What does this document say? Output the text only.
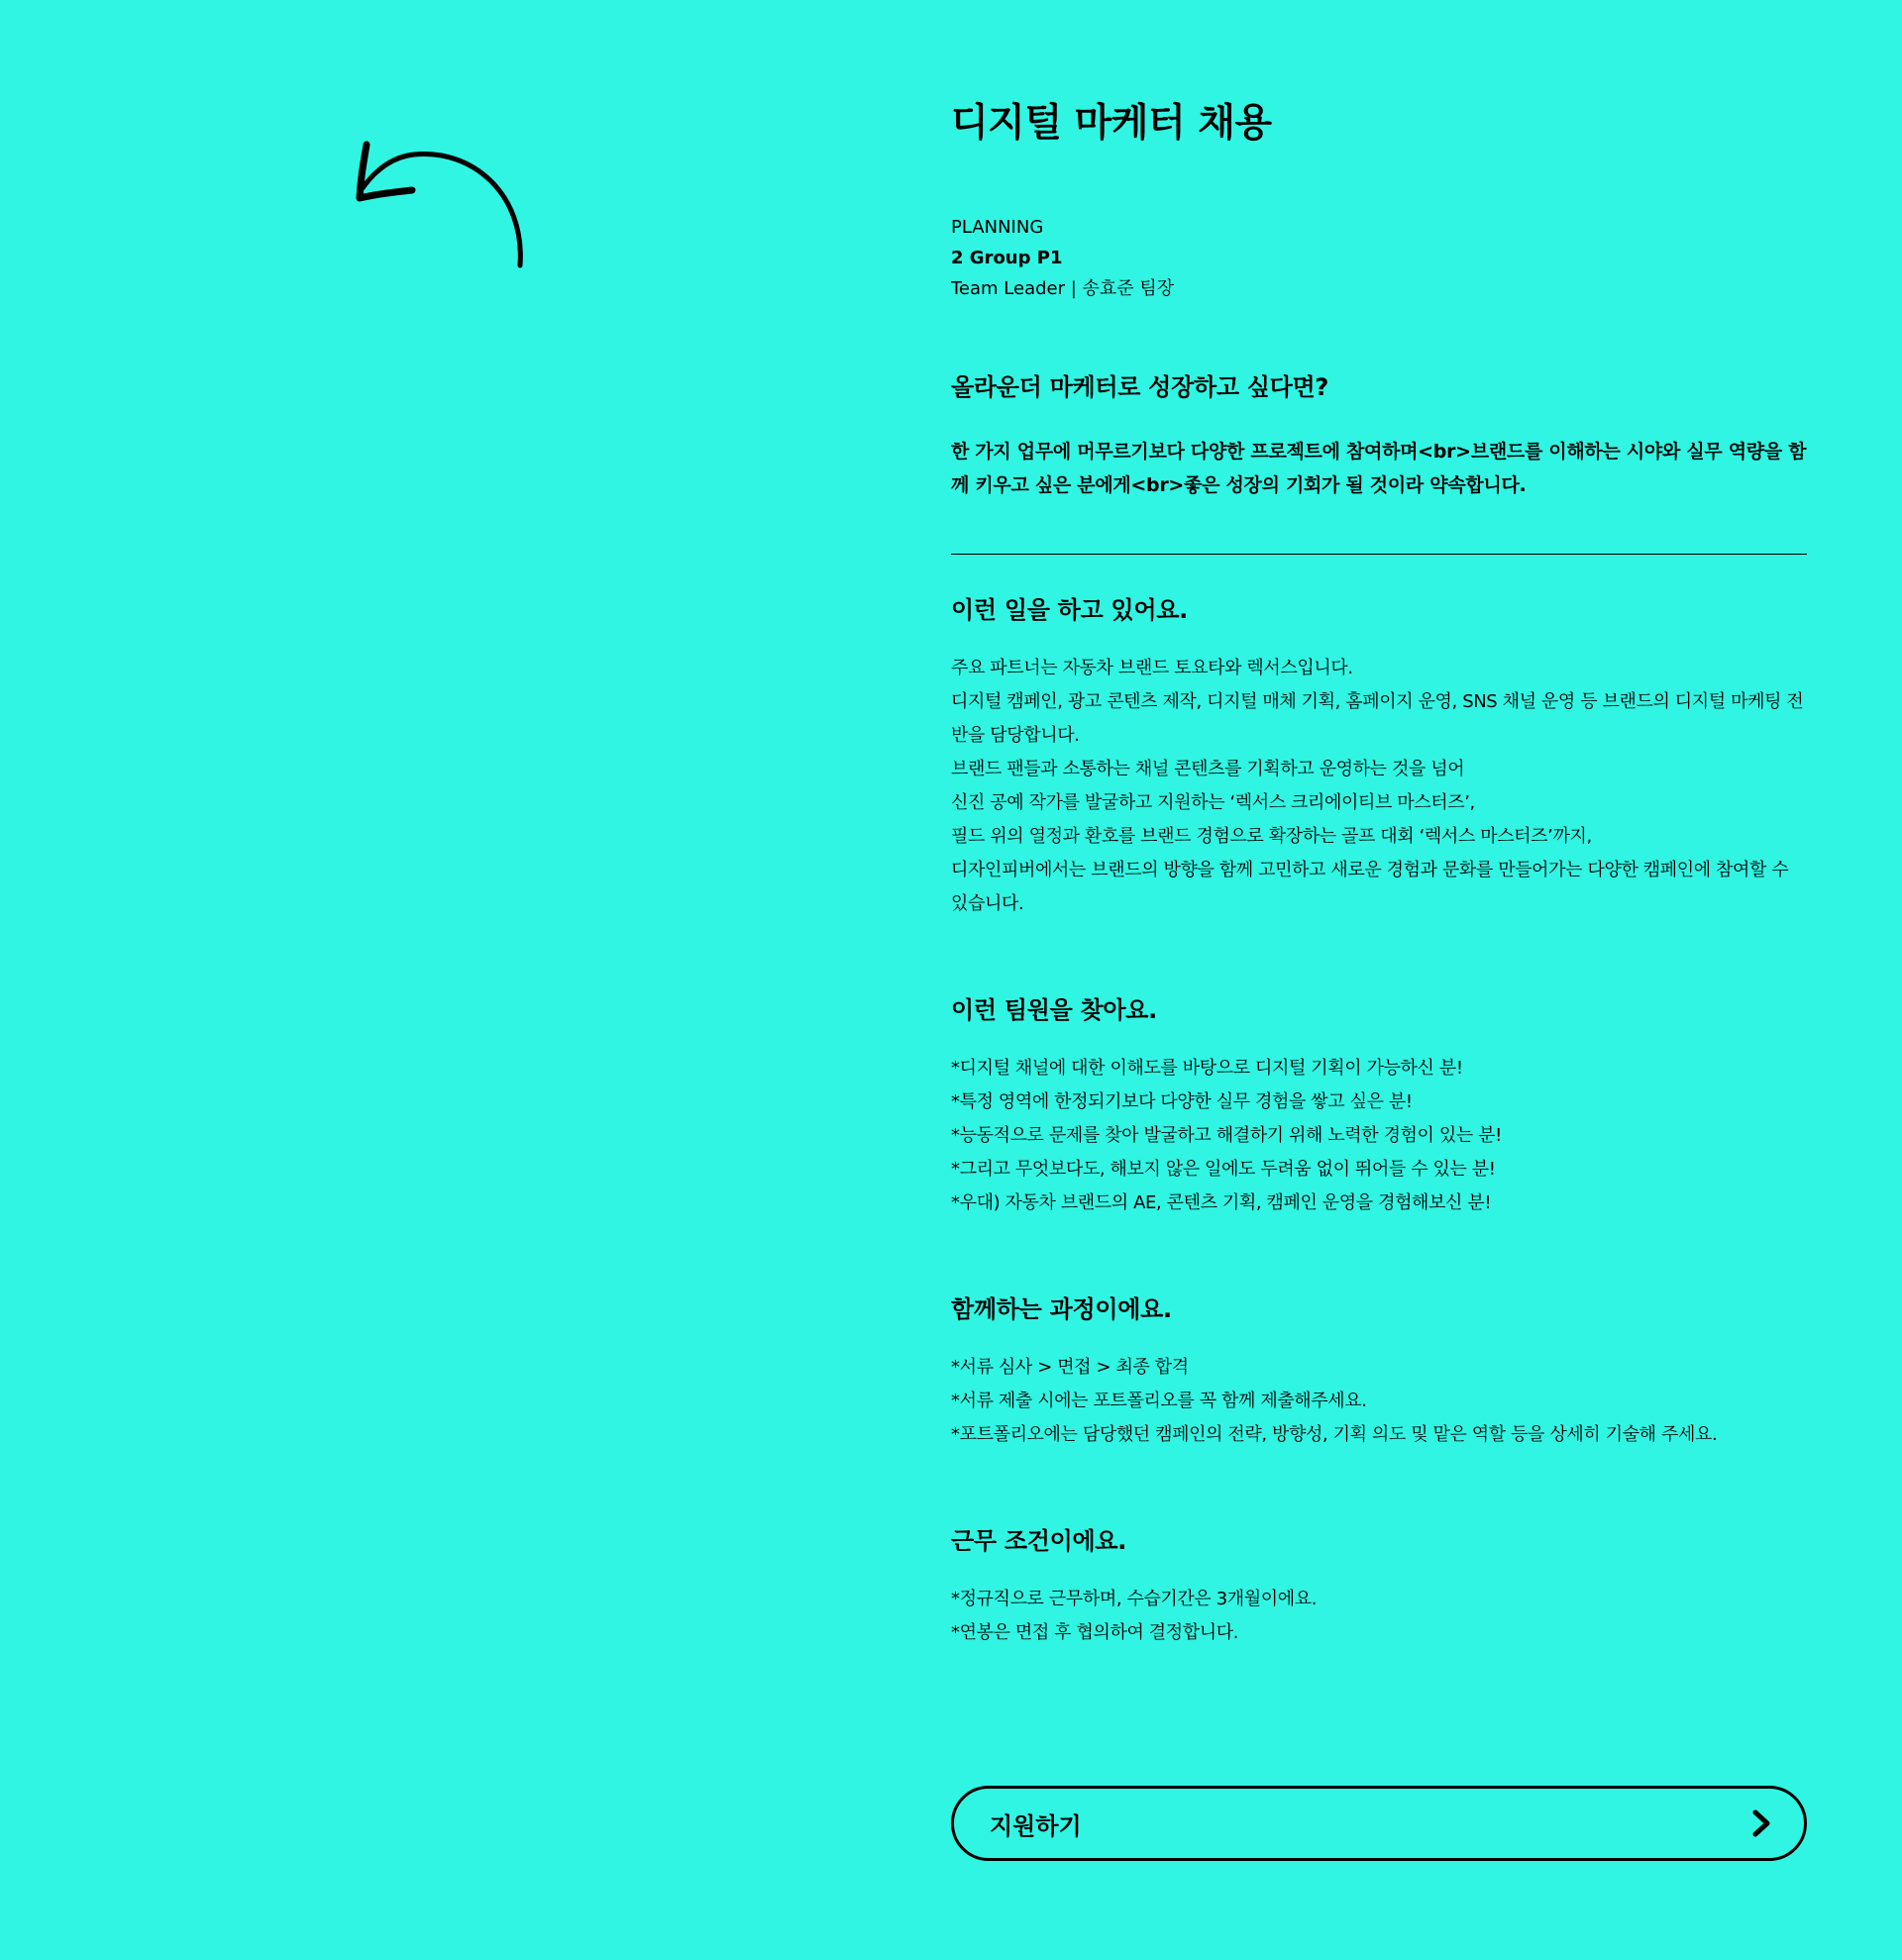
디지털 마케터 채용
PLANNING
2 Group P1
Team Leader | 송효준 팀장
올라운더 마케터로 성장하고 싶다면?

한 가지 업무에 머무르기보다 다양한 프로젝트에 참여하며<br>브랜드를 이해하는 시야와 실무 역량을 함께 키우고 싶은 분에게<br>좋은 성장의 기회가 될 것이라 약속합니다.

이런 일을 하고 있어요.
주요 파트너는 자동차 브랜드 토요타와 렉서스입니다.
디지털 캠페인, 광고 콘텐츠 제작, 디지털 매체 기획, 홈페이지 운영, SNS 채널 운영 등 브랜드의 디지털 마케팅 전반을 담당합니다.
브랜드 팬들과 소통하는 채널 콘텐츠를 기획하고 운영하는 것을 넘어
신진 공예 작가를 발굴하고 지원하는 ‘렉서스 크리에이티브 마스터즈’,
필드 위의 열정과 환호를 브랜드 경험으로 확장하는 골프 대회 ‘렉서스 마스터즈’까지,
디자인피버에서는 브랜드의 방향을 함께 고민하고 새로운 경험과 문화를 만들어가는 다양한 캠페인에 참여할 수 있습니다.
이런 팀원을 찾아요.
*디지털 채널에 대한 이해도를 바탕으로 디지털 기획이 가능하신 분!
*특정 영역에 한정되기보다 다양한 실무 경험을 쌓고 싶은 분!
*능동적으로 문제를 찾아 발굴하고 해결하기 위해 노력한 경험이 있는 분!
*그리고 무엇보다도, 해보지 않은 일에도 두려움 없이 뛰어들 수 있는 분!
*우대) 자동차 브랜드의 AE, 콘텐츠 기획, 캠페인 운영을 경험해보신 분!
함께하는 과정이에요.
*서류 심사 > 면접 > 최종 합격
*서류 제출 시에는 포트폴리오를 꼭 함께 제출해주세요.
*포트폴리오에는 담당했던 캠페인의 전략, 방향성, 기획 의도 및 맡은 역할 등을 상세히 기술해 주세요.
근무 조건이에요.
*정규직으로 근무하며, 수습기간은 3개월이에요.
*연봉은 면접 후 협의하여 결정합니다.
지원하기
